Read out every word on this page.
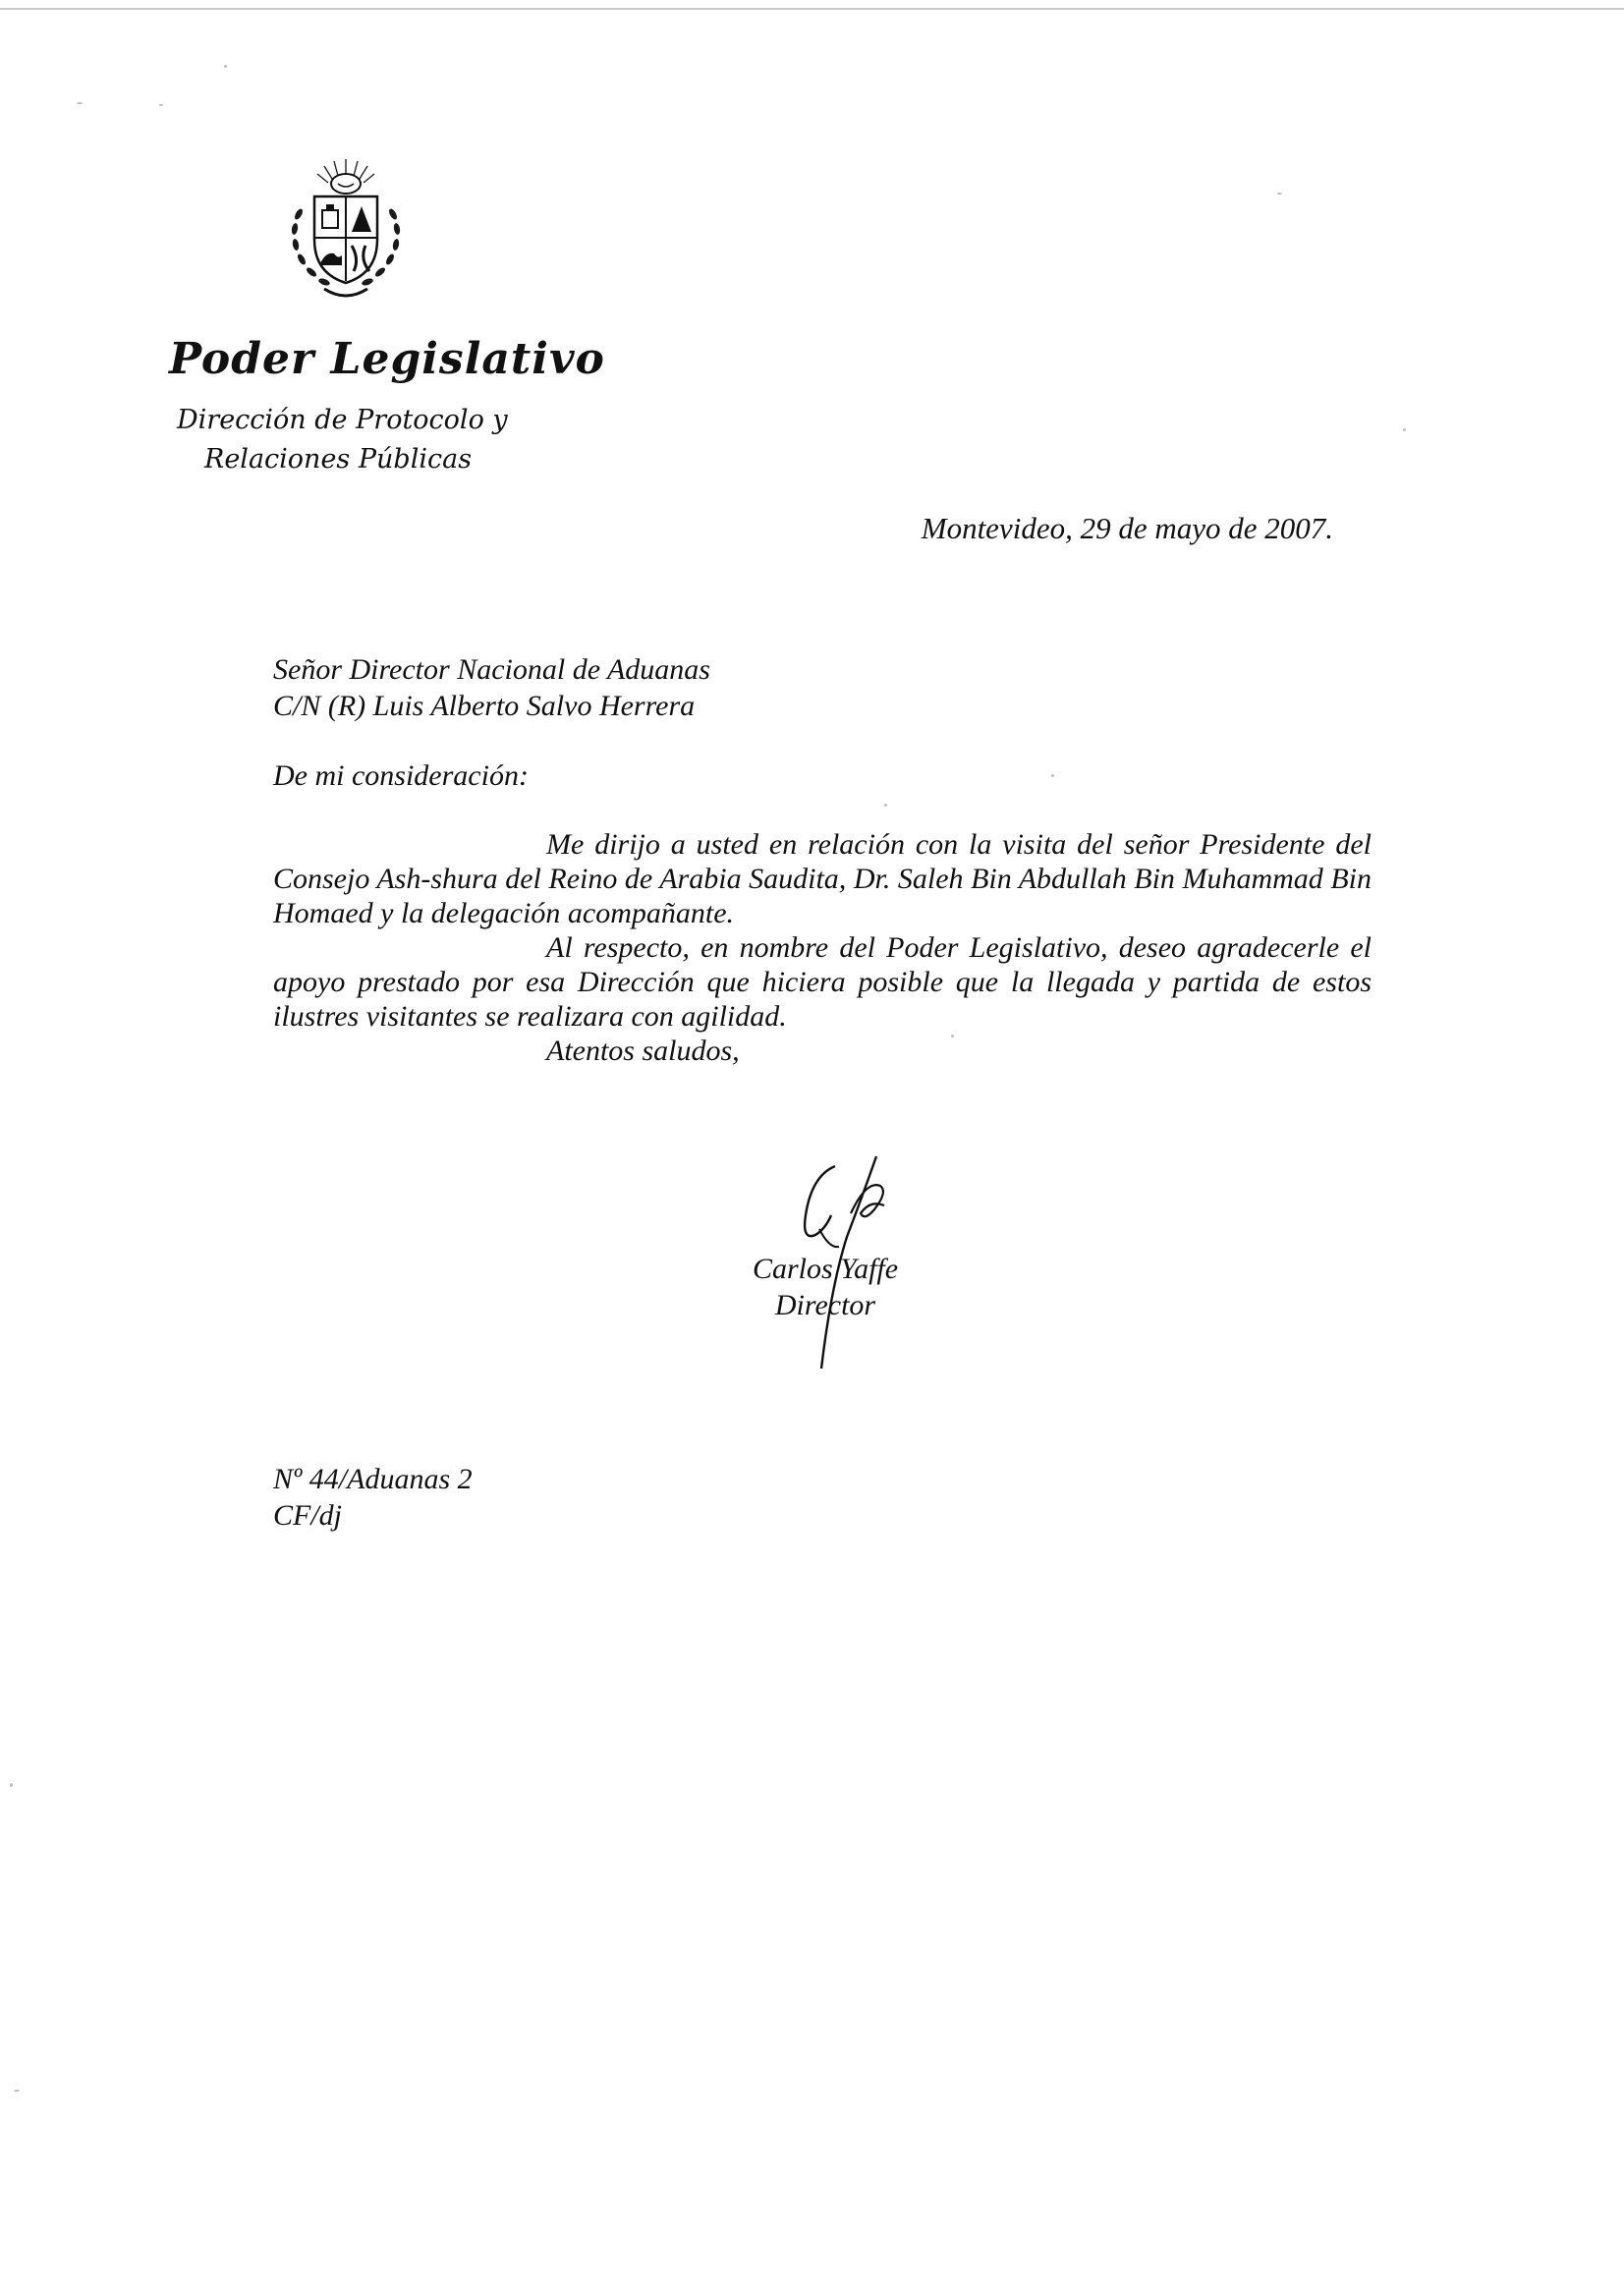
Poder Legislativo
Dirección de Protocolo y
Relaciones Públicas
Montevideo, 29 de mayo de 2007.
Señor Director Nacional de Aduanas
C/N (R) Luis Alberto Salvo Herrera
De mi consideración:

Me dirijo a usted en relación con la visita del señor Presidente del Consejo Ash-shura del Reino de Arabia Saudita, Dr. Saleh Bin Abdullah Bin Muhammad Bin Homaed y la delegación acompañante.

Al respecto, en nombre del Poder Legislativo, deseo agradecerle el apoyo prestado por esa Dirección que hiciera posible que la llegada y partida de estos ilustres visitantes se realizara con agilidad.

Atentos saludos,

Carlos Yaffe
Director
Nº 44/Aduanas 2
CF/dj
